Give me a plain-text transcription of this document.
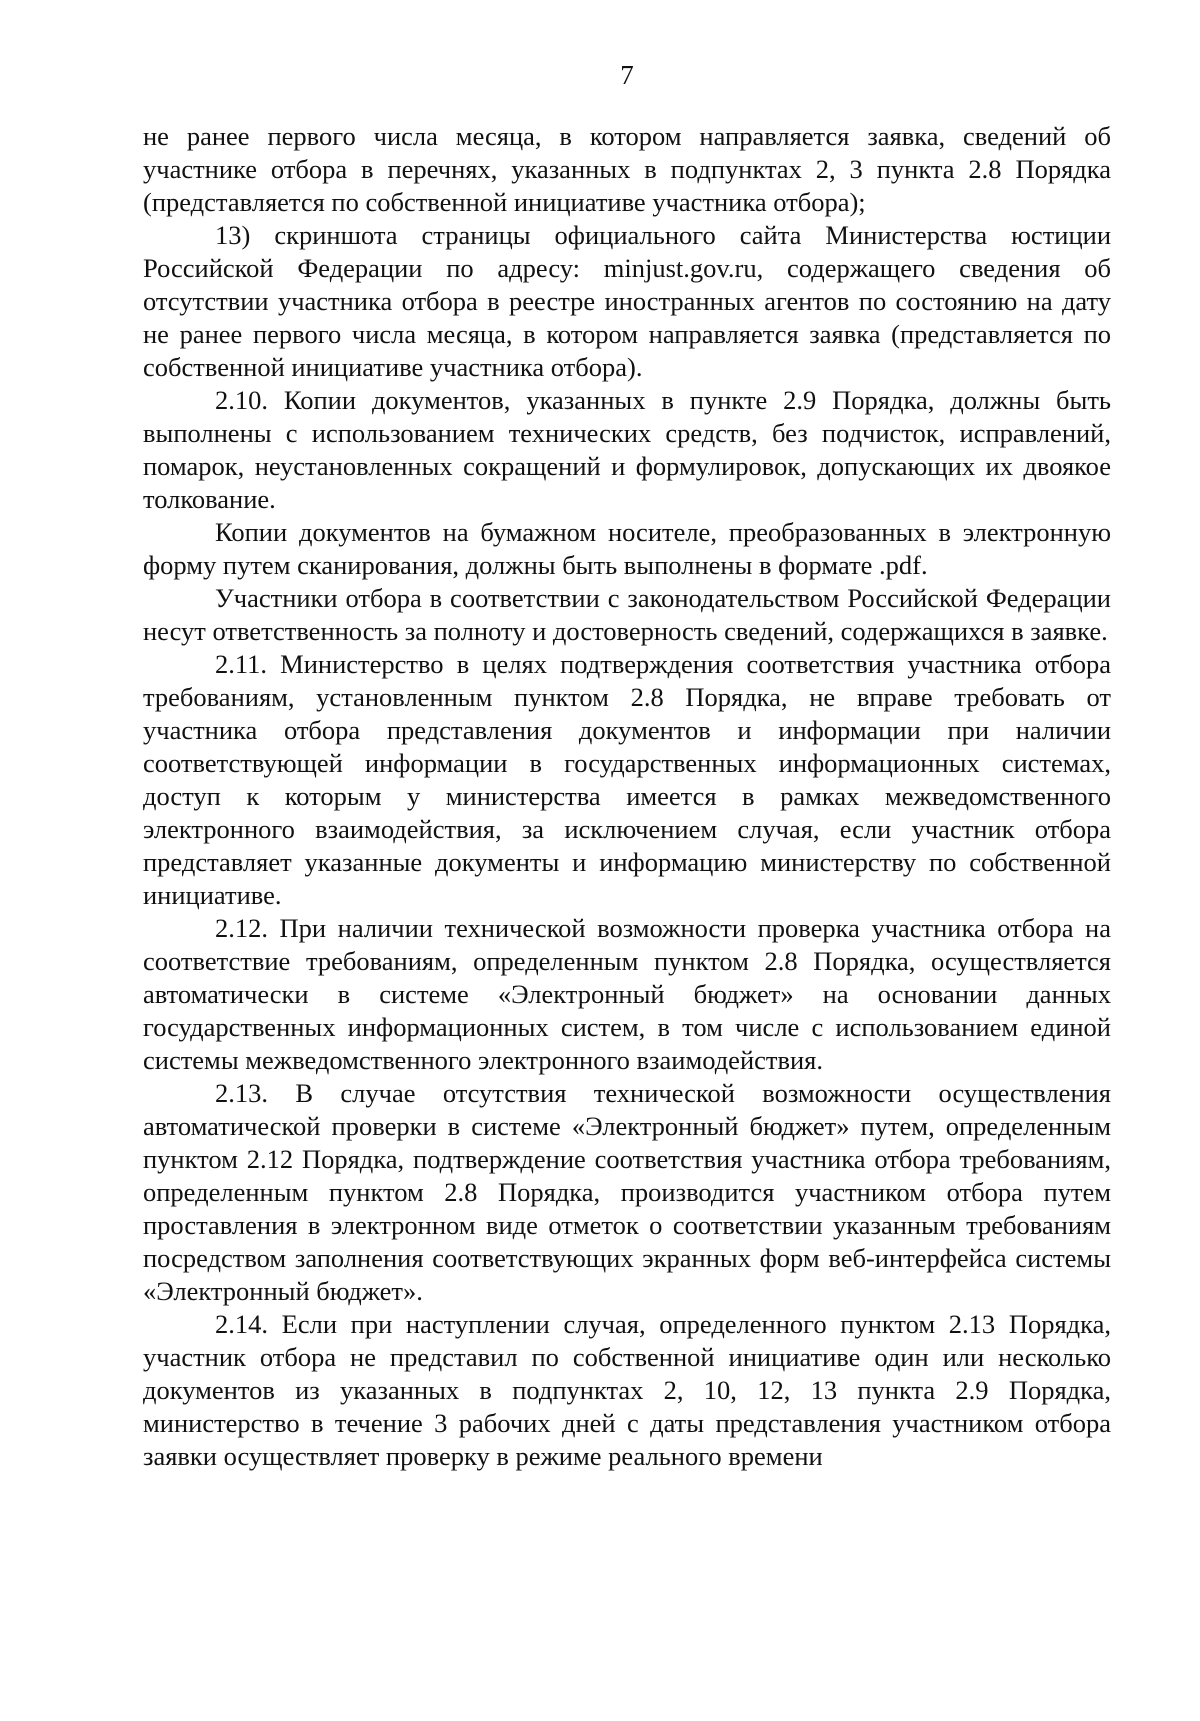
7

не ранее первого числа месяца, в котором направляется заявка, сведений об участнике отбора в перечнях, указанных в подпунктах 2, 3 пункта 2.8 Порядка (представляется по собственной инициативе участника отбора);

13) скриншота страницы официального сайта Министерства юстиции Российской Федерации по адресу: minjust.gov.ru, содержащего сведения об отсутствии участника отбора в реестре иностранных агентов по состоянию на дату не ранее первого числа месяца, в котором направляется заявка (представляется по собственной инициативе участника отбора).

2.10. Копии документов, указанных в пункте 2.9 Порядка, должны быть выполнены с использованием технических средств, без подчисток, исправлений, помарок, неустановленных сокращений и формулировок, допускающих их двоякое толкование.

Копии документов на бумажном носителе, преобразованных в электронную форму путем сканирования, должны быть выполнены в формате .pdf.

Участники отбора в соответствии с законодательством Российской Федерации несут ответственность за полноту и достоверность сведений, содержащихся в заявке.

2.11. Министерство в целях подтверждения соответствия участника отбора требованиям, установленным пунктом 2.8 Порядка, не вправе требовать от участника отбора представления документов и информации при наличии соответствующей информации в государственных информационных системах, доступ к которым у министерства имеется в рамках межведомственного электронного взаимодействия, за исключением случая, если участник отбора представляет указанные документы и информацию министерству по собственной инициативе.

2.12. При наличии технической возможности проверка участника отбора на соответствие требованиям, определенным пунктом 2.8 Порядка, осуществляется автоматически в системе «Электронный бюджет» на основании данных государственных информационных систем, в том числе с использованием единой системы межведомственного электронного взаимодействия.

2.13. В случае отсутствия технической возможности осуществления автоматической проверки в системе «Электронный бюджет» путем, определенным пунктом 2.12 Порядка, подтверждение соответствия участника отбора требованиям, определенным пунктом 2.8 Порядка, производится участником отбора путем проставления в электронном виде отметок о соответствии указанным требованиям посредством заполнения соответствующих экранных форм веб-интерфейса системы «Электронный бюджет».

2.14. Если при наступлении случая, определенного пунктом 2.13 Порядка, участник отбора не представил по собственной инициативе один или несколько документов из указанных в подпунктах 2, 10, 12, 13 пункта 2.9 Порядка, министерство в течение 3 рабочих дней с даты представления участником отбора заявки осуществляет проверку в режиме реального времени
